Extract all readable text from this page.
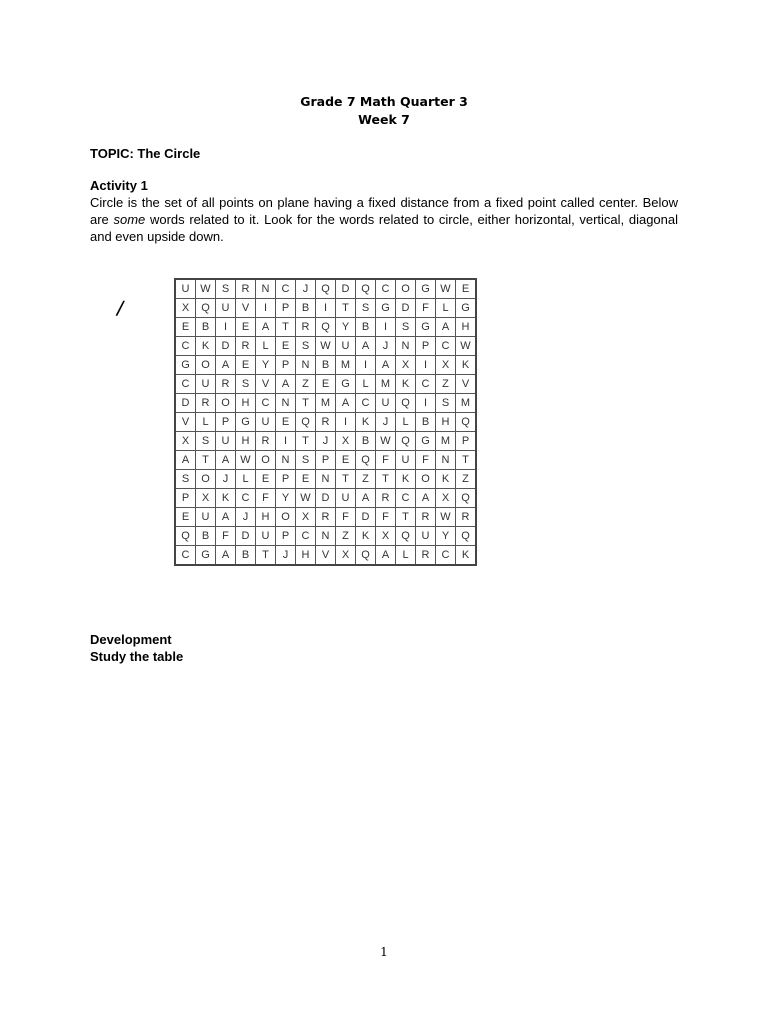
Grade 7 Math Quarter 3
Week 7
TOPIC: The Circle
Activity 1
Circle is the set of all points on plane having a fixed distance from a fixed point called center. Below are some words related to it. Look for the words related to circle, either horizontal, vertical, diagonal and even upside down.
/
U	W	S	R	N	C	J	Q	D	Q	C	O	G	W	E
X	Q	U	V	I	P	B	I	T	S	G	D	F	L	G
E	B	I	E	A	T	R	Q	Y	B	I	S	G	A	H
C	K	D	R	L	E	S	W	U	A	J	N	P	C	W
G	O	A	E	Y	P	N	B	M	I	A	X	I	X	K
C	U	R	S	V	A	Z	E	G	L	M	K	C	Z	V
D	R	O	H	C	N	T	M	A	C	U	Q	I	S	M
V	L	P	G	U	E	Q	R	I	K	J	L	B	H	Q
X	S	U	H	R	I	T	J	X	B	W	Q	G	M	P
A	T	A	W	O	N	S	P	E	Q	F	U	F	N	T
S	O	J	L	E	P	E	N	T	Z	T	K	O	K	Z
P	X	K	C	F	Y	W	D	U	A	R	C	A	X	Q
E	U	A	J	H	O	X	R	F	D	F	T	R	W	R
Q	B	F	D	U	P	C	N	Z	K	X	Q	U	Y	Q
C	G	A	B	T	J	H	V	X	Q	A	L	R	C	K
Development
Study the table
1
